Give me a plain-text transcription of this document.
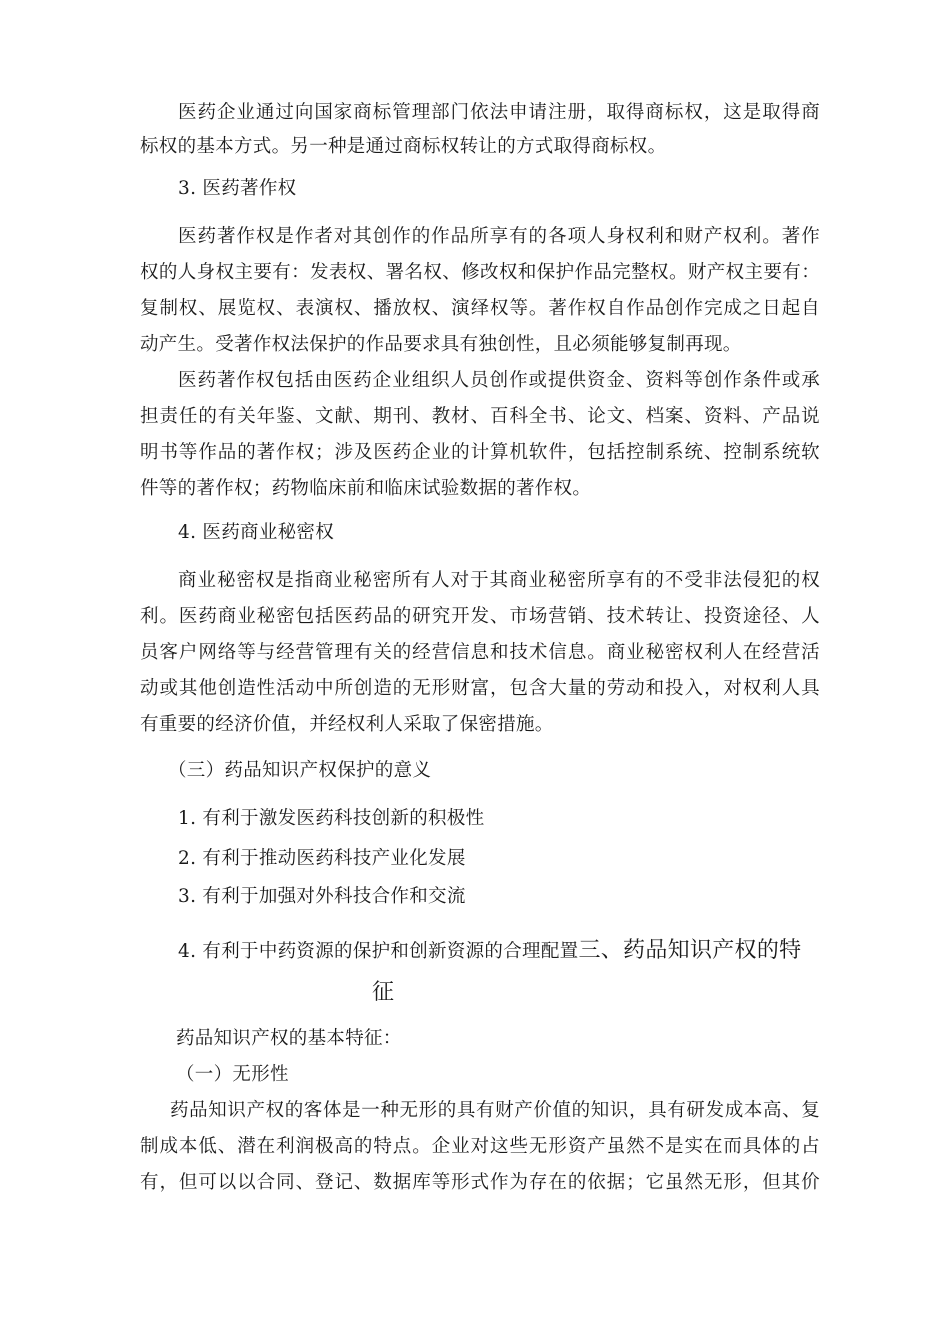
医药企业通过向国家商标管理部门依法申请注册，取得商标权，这是取得商
标权的基本方式。另一种是通过商标权转让的方式取得商标权。
3. 医药著作权
医药著作权是作者对其创作的作品所享有的各项人身权利和财产权利。著作
权的人身权主要有：发表权、署名权、修改权和保护作品完整权。财产权主要有：
复制权、展览权、表演权、播放权、演绎权等。著作权自作品创作完成之日起自
动产生。受著作权法保护的作品要求具有独创性，且必须能够复制再现。
医药著作权包括由医药企业组织人员创作或提供资金、资料等创作条件或承
担责任的有关年鉴、文献、期刊、教材、百科全书、论文、档案、资料、产品说
明书等作品的著作权；涉及医药企业的计算机软件，包括控制系统、控制系统软
件等的著作权；药物临床前和临床试验数据的著作权。
4. 医药商业秘密权
商业秘密权是指商业秘密所有人对于其商业秘密所享有的不受非法侵犯的权
利。医药商业秘密包括医药品的研究开发、市场营销、技术转让、投资途径、人
员客户网络等与经营管理有关的经营信息和技术信息。商业秘密权利人在经营活
动或其他创造性活动中所创造的无形财富，包含大量的劳动和投入，对权利人具
有重要的经济价值，并经权利人采取了保密措施。
（三）药品知识产权保护的意义
1. 有利于激发医药科技创新的积极性
2. 有利于推动医药科技产业化发展
3. 有利于加强对外科技合作和交流
4. 有利于中药资源的保护和创新资源的合理配置三、药品知识产权的特
征
药品知识产权的基本特征：
（一）无形性
药品知识产权的客体是一种无形的具有财产价值的知识，具有研发成本高、复
制成本低、潜在利润极高的特点。企业对这些无形资产虽然不是实在而具体的占
有，但可以以合同、登记、数据库等形式作为存在的依据；它虽然无形，但其价
